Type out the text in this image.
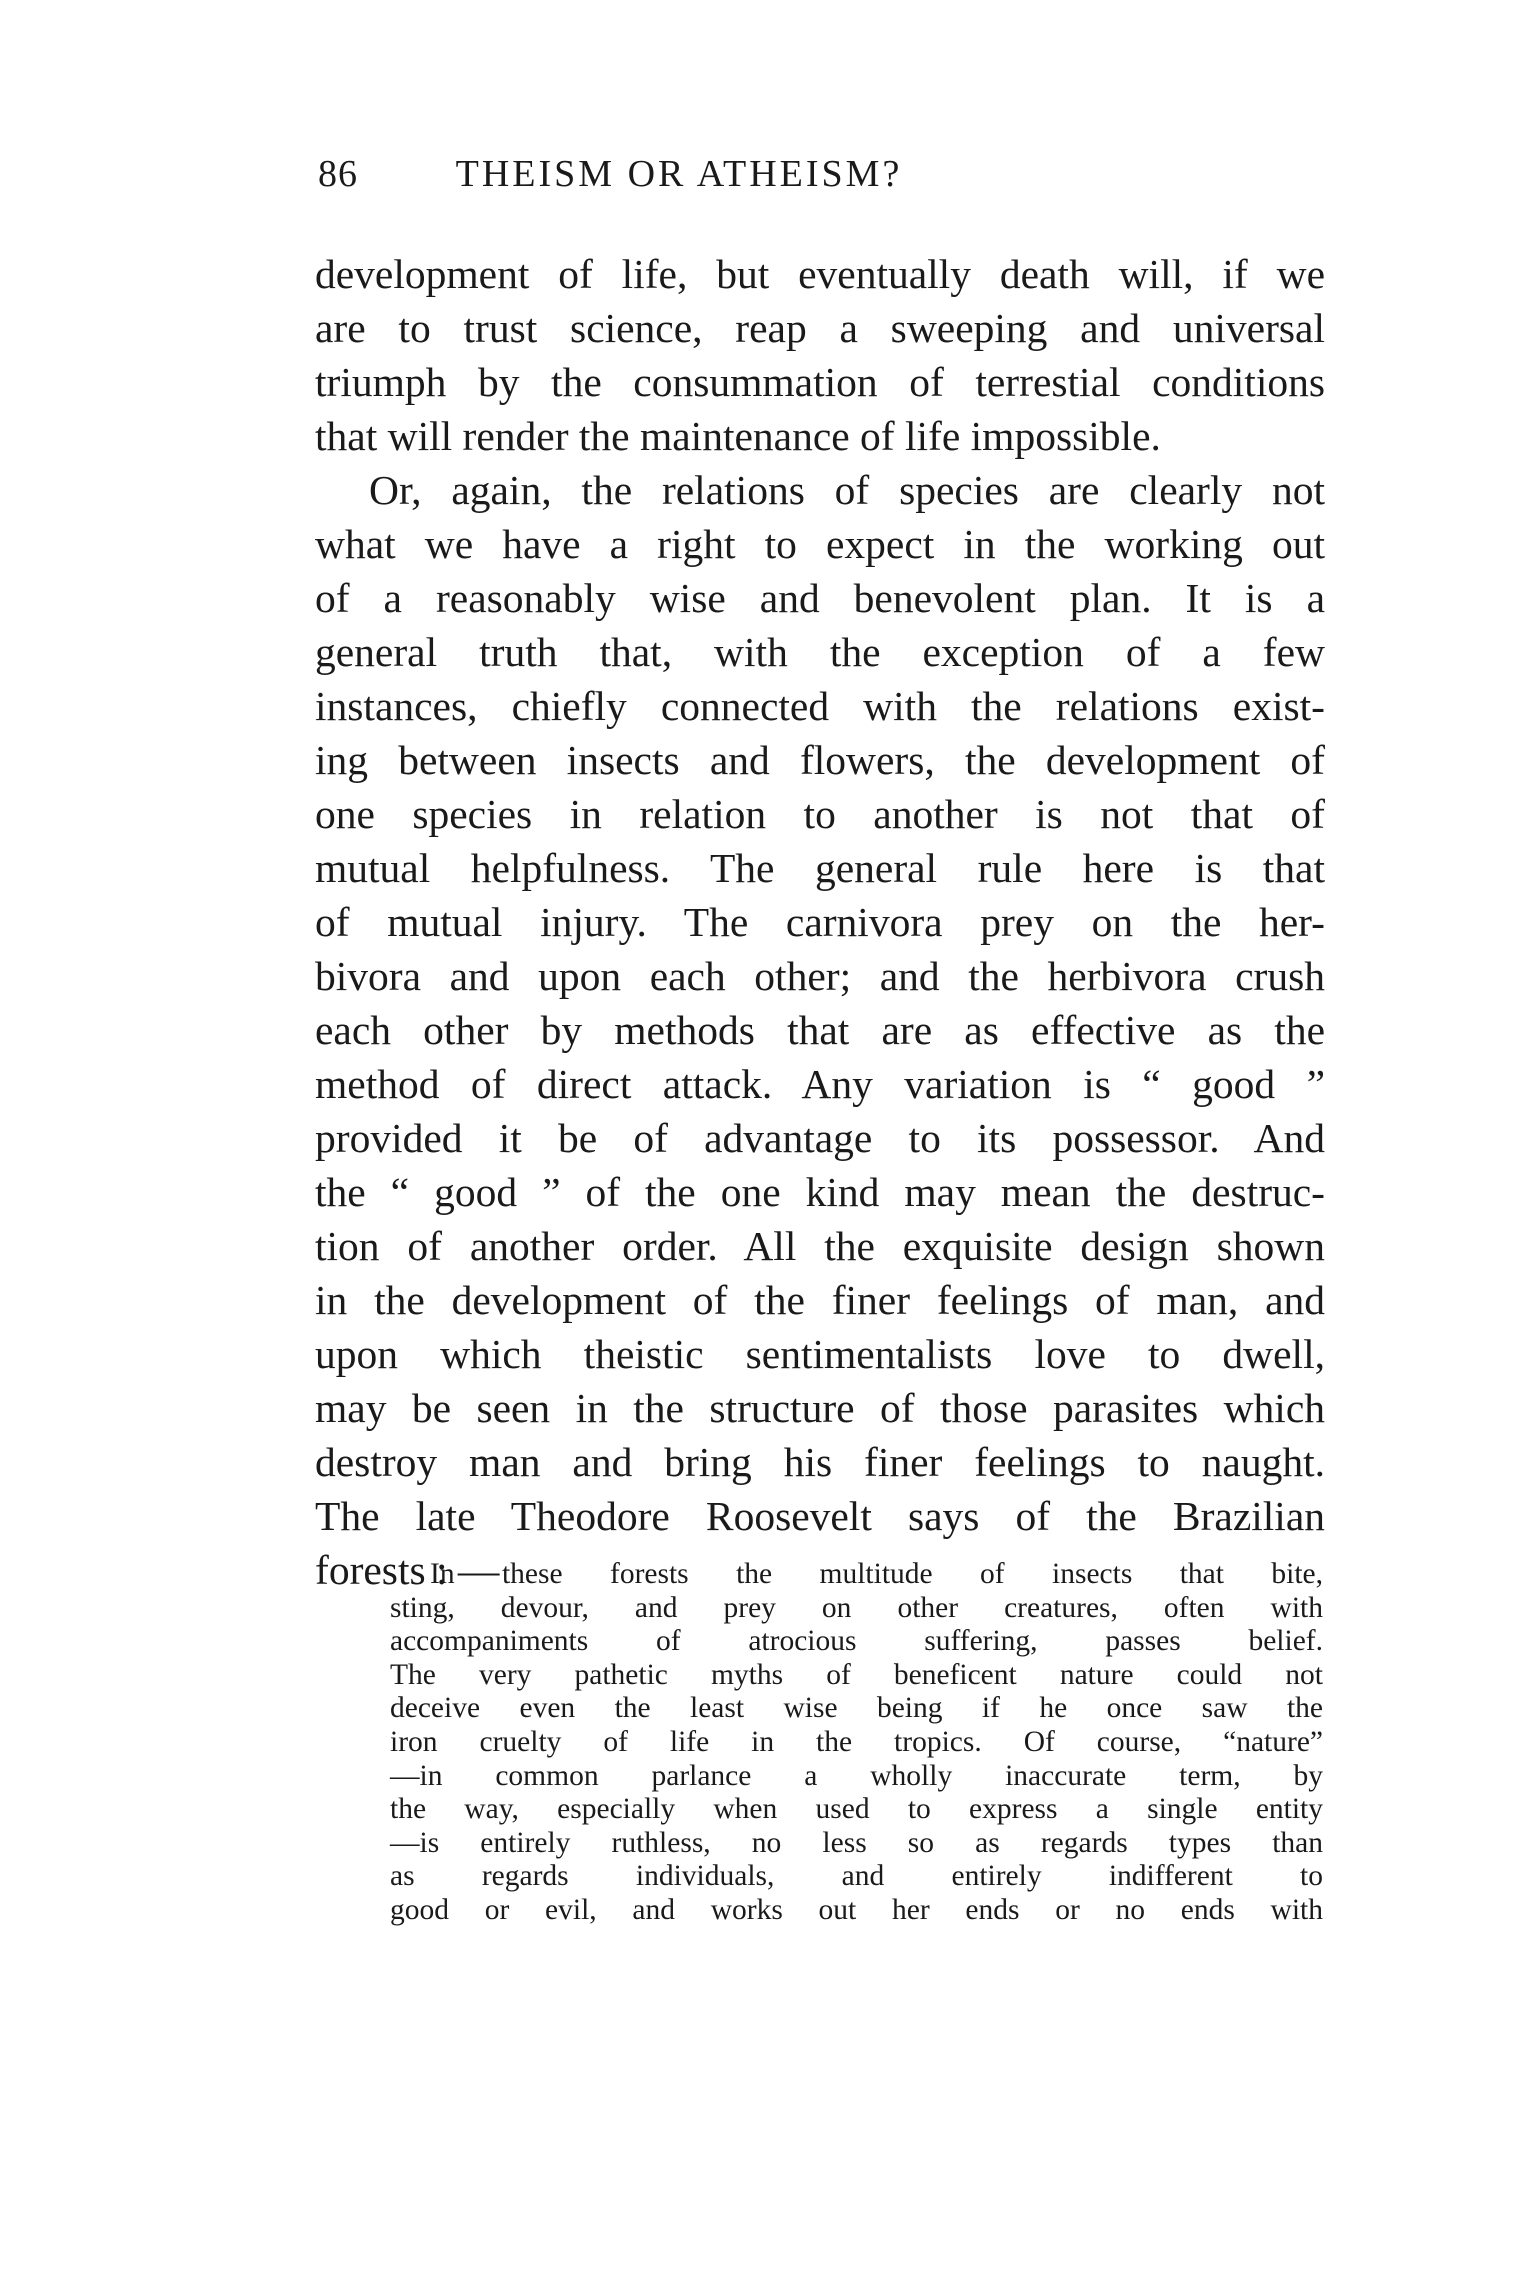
86	THEISM OR ATHEISM?
development of life, but eventually death will, if we
are to trust science, reap a sweeping and universal
triumph by the consummation of terrestial conditions
that will render the maintenance of life impossible.
Or, again, the relations of species are clearly not
what we have a right to expect in the working out
of a reasonably wise and benevolent plan. It is a
general truth that, with the exception of a few
instances, chiefly connected with the relations exist-
ing between insects and flowers, the development of
one species in relation to another is not that of
mutual helpfulness. The general rule here is that
of mutual injury. The carnivora prey on the her-
bivora and upon each other; and the herbivora crush
each other by methods that are as effective as the
method of direct attack. Any variation is “ good ”
provided it be of advantage to its possessor. And
the “ good ” of the one kind may mean the destruc-
tion of another order. All the exquisite design shown
in the development of the finer feelings of man, and
upon which theistic sentimentalists love to dwell,
may be seen in the structure of those parasites which
destroy man and bring his finer feelings to naught.
The late Theodore Roosevelt says of the Brazilian
forests : —
In these forests the multitude of insects that bite,
sting, devour, and prey on other creatures, often with
accompaniments of atrocious suffering, passes belief.
The very pathetic myths of beneficent nature could not
deceive even the least wise being if he once saw the
iron cruelty of life in the tropics. Of course, “nature”
—in common parlance a wholly inaccurate term, by
the way, especially when used to express a single entity
—is entirely ruthless, no less so as regards types than
as regards individuals, and entirely indifferent to
good or evil, and works out her ends or no ends with
